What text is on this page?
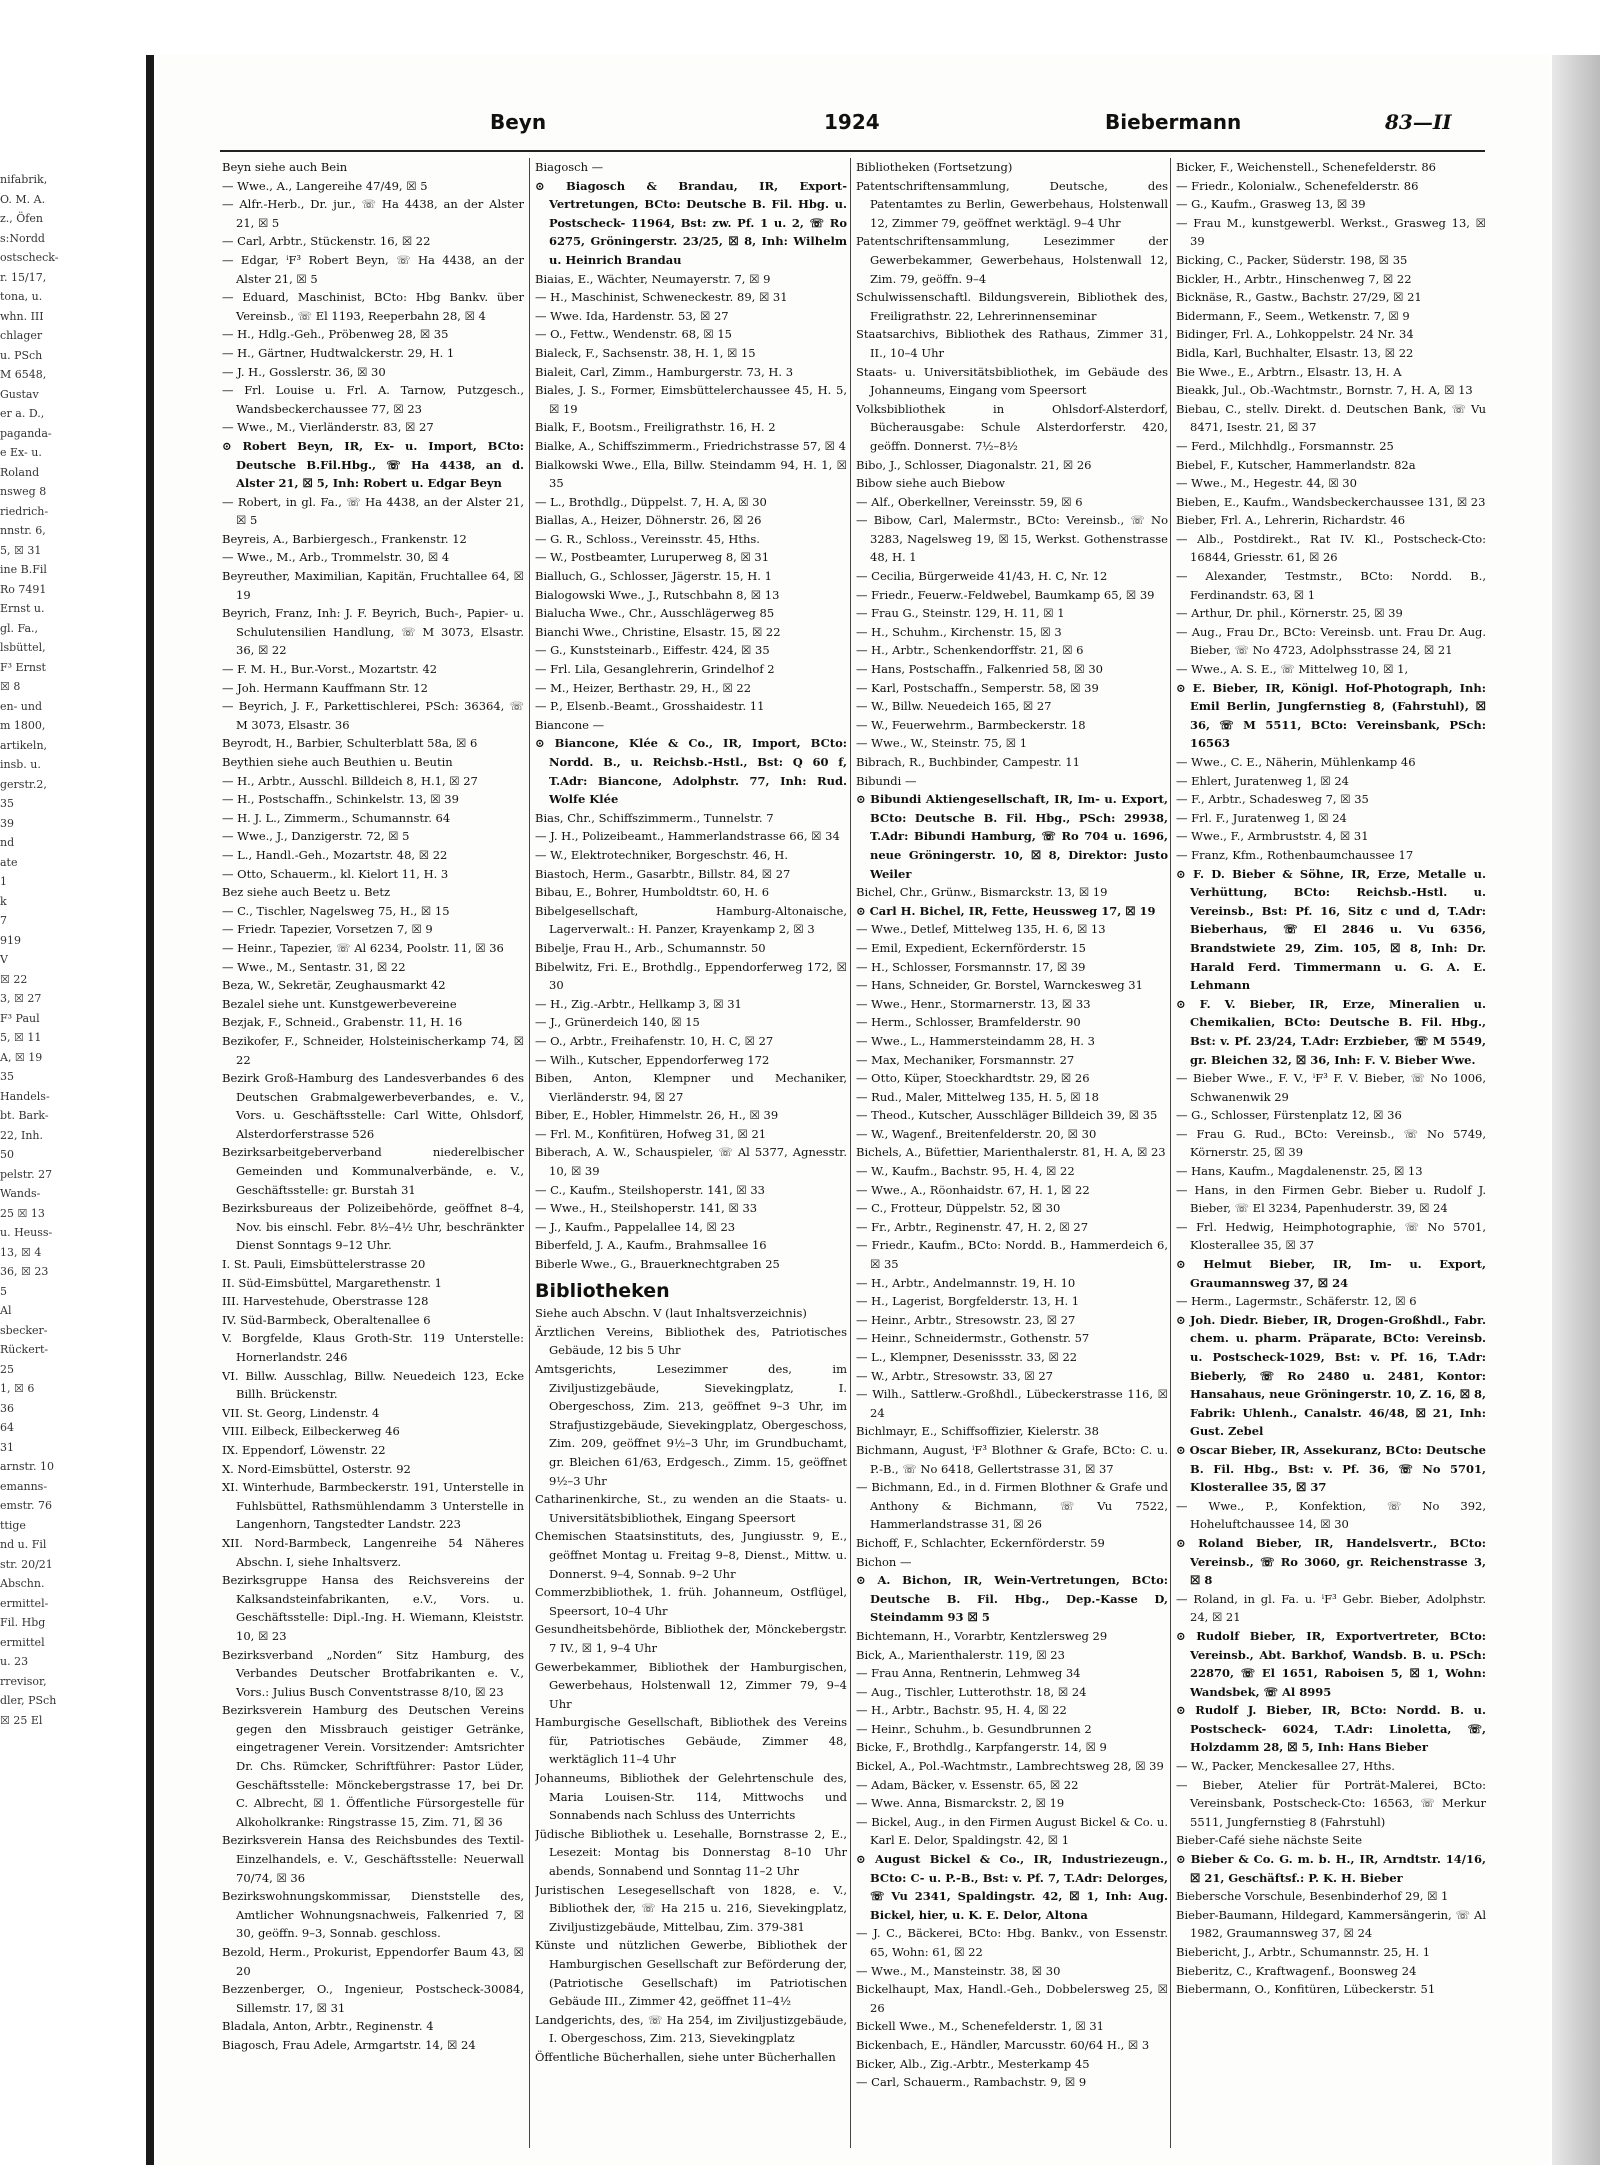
nifabrik,
O. M. A.
z., Öfen
s:Nordd
ostscheck-
r. 15/17,
tona, u.
whn. III
chlager
u. PSch
M 6548,
Gustav
er a. D.,
paganda-
e Ex- u.
Roland
nsweg 8
riedrich-
nnstr. 6,
5, ☒ 31
ine B.Fil
Ro 7491
Ernst u.
gl. Fa.,
lsbüttel,
F³ Ernst
☒ 8
en- und
m 1800,
artikeln,
insb. u.
gerstr.2,
35
39
nd
ate
1
k
7
919
V
☒ 22
3, ☒ 27
F³ Paul
5, ☒ 11
A, ☒ 19
35
Handels-
bt. Bark-
22, Inh.
50
pelstr. 27
Wands-
25 ☒ 13
u. Heuss-
13, ☒ 4
36, ☒ 23
5
Al
sbecker-
Rückert-
25
1, ☒ 6
36
64
31
arnstr. 10
emanns-
emstr. 76
ttige
nd u. Fil
str. 20/21
Abschn.
ermittel-
Fil. Hbg
ermittel
u. 23
rrevisor,
dler, PSch
☒ 25 El
Beyn	1924	Biebermann	83—II
Beyn siehe auch Bein
— Wwe., A., Langereihe 47/49, ☒ 5
— Alfr.-Herb., Dr. jur., ☏ Ha 4438, an der Alster 21, ☒ 5
— Carl, Arbtr., Stückenstr. 16, ☒ 22
— Edgar, ⁱF³ Robert Beyn, ☏ Ha 4438, an der Alster 21, ☒ 5
— Eduard, Maschinist, BCto: Hbg Bankv. über Vereinsb., ☏ El 1193, Reeperbahn 28, ☒ 4
— H., Hdlg.-Geh., Pröbenweg 28, ☒ 35
— H., Gärtner, Hudtwalckerstr. 29, H. 1
— J. H., Gosslerstr. 36, ☒ 30
— Frl. Louise u. Frl. A. Tarnow, Putzgesch., Wandsbeckerchaussee 77, ☒ 23
— Wwe., M., Vierländerstr. 83, ☒ 27
⊙ Robert Beyn, IR, Ex- u. Import, BCto: Deutsche B.Fil.Hbg., ☏ Ha 4438, an d. Alster 21, ☒ 5, Inh: Robert u. Edgar Beyn
— Robert, in gl. Fa., ☏ Ha 4438, an der Alster 21, ☒ 5
Beyreis, A., Barbiergesch., Frankenstr. 12
— Wwe., M., Arb., Trommelstr. 30, ☒ 4
Beyreuther, Maximilian, Kapitän, Fruchtallee 64, ☒ 19
Beyrich, Franz, Inh: J. F. Beyrich, Buch-, Papier- u. Schulutensilien Handlung, ☏ M 3073, Elsastr. 36, ☒ 22
— F. M. H., Bur.-Vorst., Mozartstr. 42
— Joh. Hermann Kauffmann Str. 12
— Beyrich, J. F., Parkettischlerei, PSch: 36364, ☏ M 3073, Elsastr. 36
Beyrodt, H., Barbier, Schulterblatt 58a, ☒ 6
Beythien siehe auch Beuthien u. Beutin
— H., Arbtr., Ausschl. Billdeich 8, H.1, ☒ 27
— H., Postschaffn., Schinkelstr. 13, ☒ 39
— H. J. L., Zimmerm., Schumannstr. 64
— Wwe., J., Danzigerstr. 72, ☒ 5
— L., Handl.-Geh., Mozartstr. 48, ☒ 22
— Otto, Schauerm., kl. Kielort 11, H. 3
Bez siehe auch Beetz u. Betz
— C., Tischler, Nagelsweg 75, H., ☒ 15
— Friedr. Tapezier, Vorsetzen 7, ☒ 9
— Heinr., Tapezier, ☏ Al 6234, Poolstr. 11, ☒ 36
— Wwe., M., Sentastr. 31, ☒ 22
Beza, W., Sekretär, Zeughausmarkt 42
Bezalel siehe unt. Kunstgewerbevereine
Bezjak, F., Schneid., Grabenstr. 11, H. 16
Bezikofer, F., Schneider, Holsteinischerkamp 74, ☒ 22
Bezirk Groß-Hamburg des Landesverbandes 6 des Deutschen Grabmalgewerbeverbandes, e. V., Vors. u. Geschäftsstelle: Carl Witte, Ohlsdorf, Alsterdorferstrasse 526
Bezirksarbeitgeberverband niederelbischer Gemeinden und Kommunalverbände, e. V., Geschäftsstelle: gr. Burstah 31
Bezirksbureaus der Polizeibehörde, geöffnet 8–4, Nov. bis einschl. Febr. 8½–4½ Uhr, beschränkter Dienst Sonntags 9–12 Uhr.
I. St. Pauli, Eimsbüttelerstrasse 20
II. Süd-Eimsbüttel, Margarethenstr. 1
III. Harvestehude, Oberstrasse 128
IV. Süd-Barmbeck, Oberaltenallee 6
V. Borgfelde, Klaus Groth-Str. 119 Unterstelle: Hornerlandstr. 246
VI. Billw. Ausschlag, Billw. Neuedeich 123, Ecke Billh. Brückenstr.
VII. St. Georg, Lindenstr. 4
VIII. Eilbeck, Eilbeckerweg 46
IX. Eppendorf, Löwenstr. 22
X. Nord-Eimsbüttel, Osterstr. 92
XI. Winterhude, Barmbeckerstr. 191, Unterstelle in Fuhlsbüttel, Rathsmühlendamm 3 Unterstelle in Langenhorn, Tangstedter Landstr. 223
XII. Nord-Barmbeck, Langenreihe 54 Näheres Abschn. I, siehe Inhaltsverz.
Bezirksgruppe Hansa des Reichsvereins der Kalksandsteinfabrikanten, e.V., Vors. u. Geschäftsstelle: Dipl.-Ing. H. Wiemann, Kleiststr. 10, ☒ 23
Bezirksverband „Norden“ Sitz Hamburg, des Verbandes Deutscher Brotfabrikanten e. V., Vors.: Julius Busch Conventstrasse 8/10, ☒ 23
Bezirksverein Hamburg des Deutschen Vereins gegen den Missbrauch geistiger Getränke, eingetragener Verein. Vorsitzender: Amtsrichter Dr. Chs. Rümcker, Schriftführer: Pastor Lüder, Geschäftsstelle: Mönckebergstrasse 17, bei Dr. C. Albrecht, ☒ 1. Öffentliche Fürsorgestelle für Alkoholkranke: Ringstrasse 15, Zim. 71, ☒ 36
Bezirksverein Hansa des Reichsbundes des Textil-Einzelhandels, e. V., Geschäftsstelle: Neuerwall 70/74, ☒ 36
Bezirkswohnungskommissar, Dienststelle des, Amtlicher Wohnungsnachweis, Falkenried 7, ☒ 30, geöffn. 9–3, Sonnab. geschloss.
Bezold, Herm., Prokurist, Eppendorfer Baum 43, ☒ 20
Bezzenberger, O., Ingenieur, Postscheck-30084, Sillemstr. 17, ☒ 31
Bladala, Anton, Arbtr., Reginenstr. 4
Biagosch, Frau Adele, Armgartstr. 14, ☒ 24
Biagosch —
⊙ Biagosch & Brandau, IR, Export-Vertretungen, BCto: Deutsche B. Fil. Hbg. u. Postscheck- 11964, Bst: zw. Pf. 1 u. 2, ☏ Ro 6275, Gröningerstr. 23/25, ☒ 8, Inh: Wilhelm u. Heinrich Brandau
Biaias, E., Wächter, Neumayerstr. 7, ☒ 9
— H., Maschinist, Schweneckestr. 89, ☒ 31
— Wwe. Ida, Hardenstr. 53, ☒ 27
— O., Fettw., Wendenstr. 68, ☒ 15
Bialeck, F., Sachsenstr. 38, H. 1, ☒ 15
Bialeit, Carl, Zimm., Hamburgerstr. 73, H. 3
Biales, J. S., Former, Eimsbüttelerchaussee 45, H. 5, ☒ 19
Bialk, F., Bootsm., Freiligrathstr. 16, H. 2
Bialke, A., Schiffszimmerm., Friedrichstrasse 57, ☒ 4
Bialkowski Wwe., Ella, Billw. Steindamm 94, H. 1, ☒ 35
— L., Brothdlg., Düppelst. 7, H. A, ☒ 30
Biallas, A., Heizer, Döhnerstr. 26, ☒ 26
— G. R., Schloss., Vereinsstr. 45, Hths.
— W., Postbeamter, Luruperweg 8, ☒ 31
Bialluch, G., Schlosser, Jägerstr. 15, H. 1
Bialogowski Wwe., J., Rutschbahn 8, ☒ 13
Bialucha Wwe., Chr., Ausschlägerweg 85
Bianchi Wwe., Christine, Elsastr. 15, ☒ 22
— G., Kunststeinarb., Eiffestr. 424, ☒ 35
— Frl. Lila, Gesanglehrerin, Grindelhof 2
— M., Heizer, Berthastr. 29, H., ☒ 22
— P., Elsenb.-Beamt., Grosshaidestr. 11
Biancone —
⊙ Biancone, Klée & Co., IR, Import, BCto: Nordd. B., u. Reichsb.-Hstl., Bst: Q 60 f, T.Adr: Biancone, Adolphstr. 77, Inh: Rud. Wolfe Klée
Bias, Chr., Schiffszimmerm., Tunnelstr. 7
— J. H., Polizeibeamt., Hammerlandstrasse 66, ☒ 34
— W., Elektrotechniker, Borgeschstr. 46, H.
Biastoch, Herm., Gasarbtr., Billstr. 84, ☒ 27
Bibau, E., Bohrer, Humboldtstr. 60, H. 6
Bibelgesellschaft, Hamburg-Altonaische, Lagerverwalt.: H. Panzer, Krayenkamp 2, ☒ 3
Bibelje, Frau H., Arb., Schumannstr. 50
Bibelwitz, Fri. E., Brothdlg., Eppendorferweg 172, ☒ 30
— H., Zig.-Arbtr., Hellkamp 3, ☒ 31
— J., Grünerdeich 140, ☒ 15
— O., Arbtr., Freihafenstr. 10, H. C, ☒ 27
— Wilh., Kutscher, Eppendorferweg 172
Biben, Anton, Klempner und Mechaniker, Vierländerstr. 94, ☒ 27
Biber, E., Hobler, Himmelstr. 26, H., ☒ 39
— Frl. M., Konfitüren, Hofweg 31, ☒ 21
Biberach, A. W., Schauspieler, ☏ Al 5377, Agnesstr. 10, ☒ 39
— C., Kaufm., Steilshoperstr. 141, ☒ 33
— Wwe., H., Steilshoperstr. 141, ☒ 33
— J., Kaufm., Pappelallee 14, ☒ 23
Biberfeld, J. A., Kaufm., Brahmsallee 16
Biberle Wwe., G., Brauerknechtgraben 25
Bibliotheken
Siehe auch Abschn. V (laut Inhaltsverzeichnis)
Ärztlichen Vereins, Bibliothek des, Patriotisches Gebäude, 12 bis 5 Uhr
Amtsgerichts, Lesezimmer des, im Ziviljustizgebäude, Sievekingplatz, I. Obergeschoss, Zim. 213, geöffnet 9–3 Uhr, im Strafjustizgebäude, Sievekingplatz, Obergeschoss, Zim. 209, geöffnet 9½–3 Uhr, im Grundbuchamt, gr. Bleichen 61/63, Erdgesch., Zimm. 15, geöffnet 9½–3 Uhr
Catharinenkirche, St., zu wenden an die Staats- u. Universitätsbibliothek, Eingang Speersort
Chemischen Staatsinstituts, des, Jungiusstr. 9, E., geöffnet Montag u. Freitag 9–8, Dienst., Mittw. u. Donnerst. 9–4, Sonnab. 9–2 Uhr
Commerzbibliothek, 1. früh. Johanneum, Ostflügel, Speersort, 10–4 Uhr
Gesundheitsbehörde, Bibliothek der, Mönckebergstr. 7 IV., ☒ 1, 9–4 Uhr
Gewerbekammer, Bibliothek der Hamburgischen, Gewerbehaus, Holstenwall 12, Zimmer 79, 9–4 Uhr
Hamburgische Gesellschaft, Bibliothek des Vereins für, Patriotisches Gebäude, Zimmer 48, werktäglich 11–4 Uhr
Johanneums, Bibliothek der Gelehrtenschule des, Maria Louisen-Str. 114, Mittwochs und Sonnabends nach Schluss des Unterrichts
Jüdische Bibliothek u. Lesehalle, Bornstrasse 2, E., Lesezeit: Montag bis Donnerstag 8–10 Uhr abends, Sonnabend und Sonntag 11–2 Uhr
Juristischen Lesegesellschaft von 1828, e. V., Bibliothek der, ☏ Ha 215 u. 216, Sievekingplatz, Ziviljustizgebäude, Mittelbau, Zim. 379-381
Künste und nützlichen Gewerbe, Bibliothek der Hamburgischen Gesellschaft zur Beförderung der, (Patriotische Gesellschaft) im Patriotischen Gebäude III., Zimmer 42, geöffnet 11–4½
Landgerichts, des, ☏ Ha 254, im Ziviljustizgebäude, I. Obergeschoss, Zim. 213, Sievekingplatz
Öffentliche Bücherhallen, siehe unter Bücherhallen
Bibliotheken (Fortsetzung)
Patentschriftensammlung, Deutsche, des Patentamtes zu Berlin, Gewerbehaus, Holstenwall 12, Zimmer 79, geöffnet werktägl. 9–4 Uhr
Patentschriftensammlung, Lesezimmer der Gewerbekammer, Gewerbehaus, Holstenwall 12, Zim. 79, geöffn. 9–4
Schulwissenschaftl. Bildungsverein, Bibliothek des, Freiligrathstr. 22, Lehrerinnenseminar
Staatsarchivs, Bibliothek des Rathaus, Zimmer 31, II., 10–4 Uhr
Staats- u. Universitätsbibliothek, im Gebäude des Johanneums, Eingang vom Speersort
Volksbibliothek in Ohlsdorf-Alsterdorf, Bücherausgabe: Schule Alsterdorferstr. 420, geöffn. Donnerst. 7½–8½
Bibo, J., Schlosser, Diagonalstr. 21, ☒ 26
Bibow siehe auch Biebow
— Alf., Oberkellner, Vereinsstr. 59, ☒ 6
— Bibow, Carl, Malermstr., BCto: Vereinsb., ☏ No 3283, Nagelsweg 19, ☒ 15, Werkst. Gothenstrasse 48, H. 1
— Cecilia, Bürgerweide 41/43, H. C, Nr. 12
— Friedr., Feuerw.-Feldwebel, Baumkamp 65, ☒ 39
— Frau G., Steinstr. 129, H. 11, ☒ 1
— H., Schuhm., Kirchenstr. 15, ☒ 3
— H., Arbtr., Schenkendorffstr. 21, ☒ 6
— Hans, Postschaffn., Falkenried 58, ☒ 30
— Karl, Postschaffn., Semperstr. 58, ☒ 39
— W., Billw. Neuedeich 165, ☒ 27
— W., Feuerwehrm., Barmbeckerstr. 18
— Wwe., W., Steinstr. 75, ☒ 1
Bibrach, R., Buchbinder, Campestr. 11
Bibundi —
⊙ Bibundi Aktiengesellschaft, IR, Im- u. Export, BCto: Deutsche B. Fil. Hbg., PSch: 29938, T.Adr: Bibundi Hamburg, ☏ Ro 704 u. 1696, neue Gröningerstr. 10, ☒ 8, Direktor: Justo Weiler
Bichel, Chr., Grünw., Bismarckstr. 13, ☒ 19
⊙ Carl H. Bichel, IR, Fette, Heussweg 17, ☒ 19
— Wwe., Detlef, Mittelweg 135, H. 6, ☒ 13
— Emil, Expedient, Eckernförderstr. 15
— H., Schlosser, Forsmannstr. 17, ☒ 39
— Hans, Schneider, Gr. Borstel, Warnckesweg 31
— Wwe., Henr., Stormarnerstr. 13, ☒ 33
— Herm., Schlosser, Bramfelderstr. 90
— Wwe., L., Hammersteindamm 28, H. 3
— Max, Mechaniker, Forsmannstr. 27
— Otto, Küper, Stoeckhardtstr. 29, ☒ 26
— Rud., Maler, Mittelweg 135, H. 5, ☒ 18
— Theod., Kutscher, Ausschläger Billdeich 39, ☒ 35
— W., Wagenf., Breitenfelderstr. 20, ☒ 30
Bichels, A., Büfettier, Marienthalerstr. 81, H. A, ☒ 23
— W., Kaufm., Bachstr. 95, H. 4, ☒ 22
— Wwe., A., Röonhaidstr. 67, H. 1, ☒ 22
— C., Frotteur, Düppelstr. 52, ☒ 30
— Fr., Arbtr., Reginenstr. 47, H. 2, ☒ 27
— Friedr., Kaufm., BCto: Nordd. B., Hammerdeich 6, ☒ 35
— H., Arbtr., Andelmannstr. 19, H. 10
— H., Lagerist, Borgfelderstr. 13, H. 1
— Heinr., Arbtr., Stresowstr. 23, ☒ 27
— Heinr., Schneidermstr., Gothenstr. 57
— L., Klempner, Desenissstr. 33, ☒ 22
— W., Arbtr., Stresowstr. 33, ☒ 27
— Wilh., Sattlerw.-Großhdl., Lübeckerstrasse 116, ☒ 24
Bichlmayr, E., Schiffsoffizier, Kielerstr. 38
Bichmann, August, ⁱF³ Blothner & Grafe, BCto: C. u. P.-B., ☏ No 6418, Gellertstrasse 31, ☒ 37
— Bichmann, Ed., in d. Firmen Blothner & Grafe und Anthony & Bichmann, ☏ Vu 7522, Hammerlandstrasse 31, ☒ 26
Bichoff, F., Schlachter, Eckernförderstr. 59
Bichon —
⊙ A. Bichon, IR, Wein-Vertretungen, BCto: Deutsche B. Fil. Hbg., Dep.-Kasse D, Steindamm 93 ☒ 5
Bichtemann, H., Vorarbtr, Kentzlersweg 29
Bick, A., Marienthalerstr. 119, ☒ 23
— Frau Anna, Rentnerin, Lehmweg 34
— Aug., Tischler, Lutterothstr. 18, ☒ 24
— H., Arbtr., Bachstr. 95, H. 4, ☒ 22
— Heinr., Schuhm., b. Gesundbrunnen 2
Bicke, F., Brothdlg., Karpfangerstr. 14, ☒ 9
Bickel, A., Pol.-Wachtmstr., Lambrechtsweg 28, ☒ 39
— Adam, Bäcker, v. Essenstr. 65, ☒ 22
— Wwe. Anna, Bismarckstr. 2, ☒ 19
— Bickel, Aug., in den Firmen August Bickel & Co. u. Karl E. Delor, Spaldingstr. 42, ☒ 1
⊙ August Bickel & Co., IR, Industriezeugn., BCto: C- u. P.-B., Bst: v. Pf. 7, T.Adr: Delorges, ☏ Vu 2341, Spaldingstr. 42, ☒ 1, Inh: Aug. Bickel, hier, u. K. E. Delor, Altona
— J. C., Bäckerei, BCto: Hbg. Bankv., von Essenstr. 65, Wohn: 61, ☒ 22
— Wwe., M., Mansteinstr. 38, ☒ 30
Bickelhaupt, Max, Handl.-Geh., Dobbelersweg 25, ☒ 26
Bickell Wwe., M., Schenefelderstr. 1, ☒ 31
Bickenbach, E., Händler, Marcusstr. 60/64 H., ☒ 3
Bicker, Alb., Zig.-Arbtr., Mesterkamp 45
— Carl, Schauerm., Rambachstr. 9, ☒ 9
Bicker, F., Weichenstell., Schenefelderstr. 86
— Friedr., Kolonialw., Schenefelderstr. 86
— G., Kaufm., Grasweg 13, ☒ 39
— Frau M., kunstgewerbl. Werkst., Grasweg 13, ☒ 39
Bicking, C., Packer, Süderstr. 198, ☒ 35
Bickler, H., Arbtr., Hinschenweg 7, ☒ 22
Bicknäse, R., Gastw., Bachstr. 27/29, ☒ 21
Bidermann, F., Seem., Wetkenstr. 7, ☒ 9
Bidinger, Frl. A., Lohkoppelstr. 24 Nr. 34
Bidla, Karl, Buchhalter, Elsastr. 13, ☒ 22
Bie Wwe., E., Arbtrn., Elsastr. 13, H. A
Bieakk, Jul., Ob.-Wachtmstr., Bornstr. 7, H. A, ☒ 13
Biebau, C., stellv. Direkt. d. Deutschen Bank, ☏ Vu 8471, Isestr. 21, ☒ 37
— Ferd., Milchhdlg., Forsmannstr. 25
Biebel, F., Kutscher, Hammerlandstr. 82a
— Wwe., M., Hegestr. 44, ☒ 30
Bieben, E., Kaufm., Wandsbeckerchaussee 131, ☒ 23
Bieber, Frl. A., Lehrerin, Richardstr. 46
— Alb., Postdirekt., Rat IV. Kl., Postscheck-Cto: 16844, Griesstr. 61, ☒ 26
— Alexander, Testmstr., BCto: Nordd. B., Ferdinandstr. 63, ☒ 1
— Arthur, Dr. phil., Körnerstr. 25, ☒ 39
— Aug., Frau Dr., BCto: Vereinsb. unt. Frau Dr. Aug. Bieber, ☏ No 4723, Adolphsstrasse 24, ☒ 21
— Wwe., A. S. E., ☏ Mittelweg 10, ☒ 1,
⊙ E. Bieber, IR, Königl. Hof-Photograph, Inh: Emil Berlin, Jungfernstieg 8, (Fahrstuhl), ☒ 36, ☏ M 5511, BCto: Vereinsbank, PSch: 16563
— Wwe., C. E., Näherin, Mühlenkamp 46
— Ehlert, Juratenweg 1, ☒ 24
— F., Arbtr., Schadesweg 7, ☒ 35
— Frl. F., Juratenweg 1, ☒ 24
— Wwe., F., Armbruststr. 4, ☒ 31
— Franz, Kfm., Rothenbaumchaussee 17
⊙ F. D. Bieber & Söhne, IR, Erze, Metalle u. Verhüttung, BCto: Reichsb.-Hstl. u. Vereinsb., Bst: Pf. 16, Sitz c und d, T.Adr: Bieberhaus, ☏ El 2846 u. Vu 6356, Brandstwiete 29, Zim. 105, ☒ 8, Inh: Dr. Harald Ferd. Timmermann u. G. A. E. Lehmann
⊙ F. V. Bieber, IR, Erze, Mineralien u. Chemikalien, BCto: Deutsche B. Fil. Hbg., Bst: v. Pf. 23/24, T.Adr: Erzbieber, ☏ M 5549, gr. Bleichen 32, ☒ 36, Inh: F. V. Bieber Wwe.
— Bieber Wwe., F. V., ⁱF³ F. V. Bieber, ☏ No 1006, Schwanenwik 29
— G., Schlosser, Fürstenplatz 12, ☒ 36
— Frau G. Rud., BCto: Vereinsb., ☏ No 5749, Körnerstr. 25, ☒ 39
— Hans, Kaufm., Magdalenenstr. 25, ☒ 13
— Hans, in den Firmen Gebr. Bieber u. Rudolf J. Bieber, ☏ El 3234, Papenhuderstr. 39, ☒ 24
— Frl. Hedwig, Heimphotographie, ☏ No 5701, Klosterallee 35, ☒ 37
⊙ Helmut Bieber, IR, Im- u. Export, Graumannsweg 37, ☒ 24
— Herm., Lagermstr., Schäferstr. 12, ☒ 6
⊙ Joh. Diedr. Bieber, IR, Drogen-Großhdl., Fabr. chem. u. pharm. Präparate, BCto: Vereinsb. u. Postscheck-1029, Bst: v. Pf. 16, T.Adr: Bieberly, ☏ Ro 2480 u. 2481, Kontor: Hansahaus, neue Gröningerstr. 10, Z. 16, ☒ 8, Fabrik: Uhlenh., Canalstr. 46/48, ☒ 21, Inh: Gust. Zebel
⊙ Oscar Bieber, IR, Assekuranz, BCto: Deutsche B. Fil. Hbg., Bst: v. Pf. 36, ☏ No 5701, Klosterallee 35, ☒ 37
— Wwe., P., Konfektion, ☏ No 392, Hoheluftchaussee 14, ☒ 30
⊙ Roland Bieber, IR, Handelsvertr., BCto: Vereinsb., ☏ Ro 3060, gr. Reichenstrasse 3, ☒ 8
— Roland, in gl. Fa. u. ⁱF³ Gebr. Bieber, Adolphstr. 24, ☒ 21
⊙ Rudolf Bieber, IR, Exportvertreter, BCto: Vereinsb., Abt. Barkhof, Wandsb. B. u. PSch: 22870, ☏ El 1651, Raboisen 5, ☒ 1, Wohn: Wandsbek, ☏ Al 8995
⊙ Rudolf J. Bieber, IR, BCto: Nordd. B. u. Postscheck- 6024, T.Adr: Linoletta, ☏, Holzdamm 28, ☒ 5, Inh: Hans Bieber
— W., Packer, Menckesallee 27, Hths.
— Bieber, Atelier für Porträt-Malerei, BCto: Vereinsbank, Postscheck-Cto: 16563, ☏ Merkur 5511, Jungfernstieg 8 (Fahrstuhl)
Bieber-Café siehe nächste Seite
⊙ Bieber & Co. G. m. b. H., IR, Arndtstr. 14/16, ☒ 21, Geschäftsf.: P. K. H. Bieber
Biebersche Vorschule, Besenbinderhof 29, ☒ 1
Bieber-Baumann, Hildegard, Kammersängerin, ☏ Al 1982, Graumannsweg 37, ☒ 24
Biebericht, J., Arbtr., Schumannstr. 25, H. 1
Bieberitz, C., Kraftwagenf., Boonsweg 24
Biebermann, O., Konfitüren, Lübeckerstr. 51
